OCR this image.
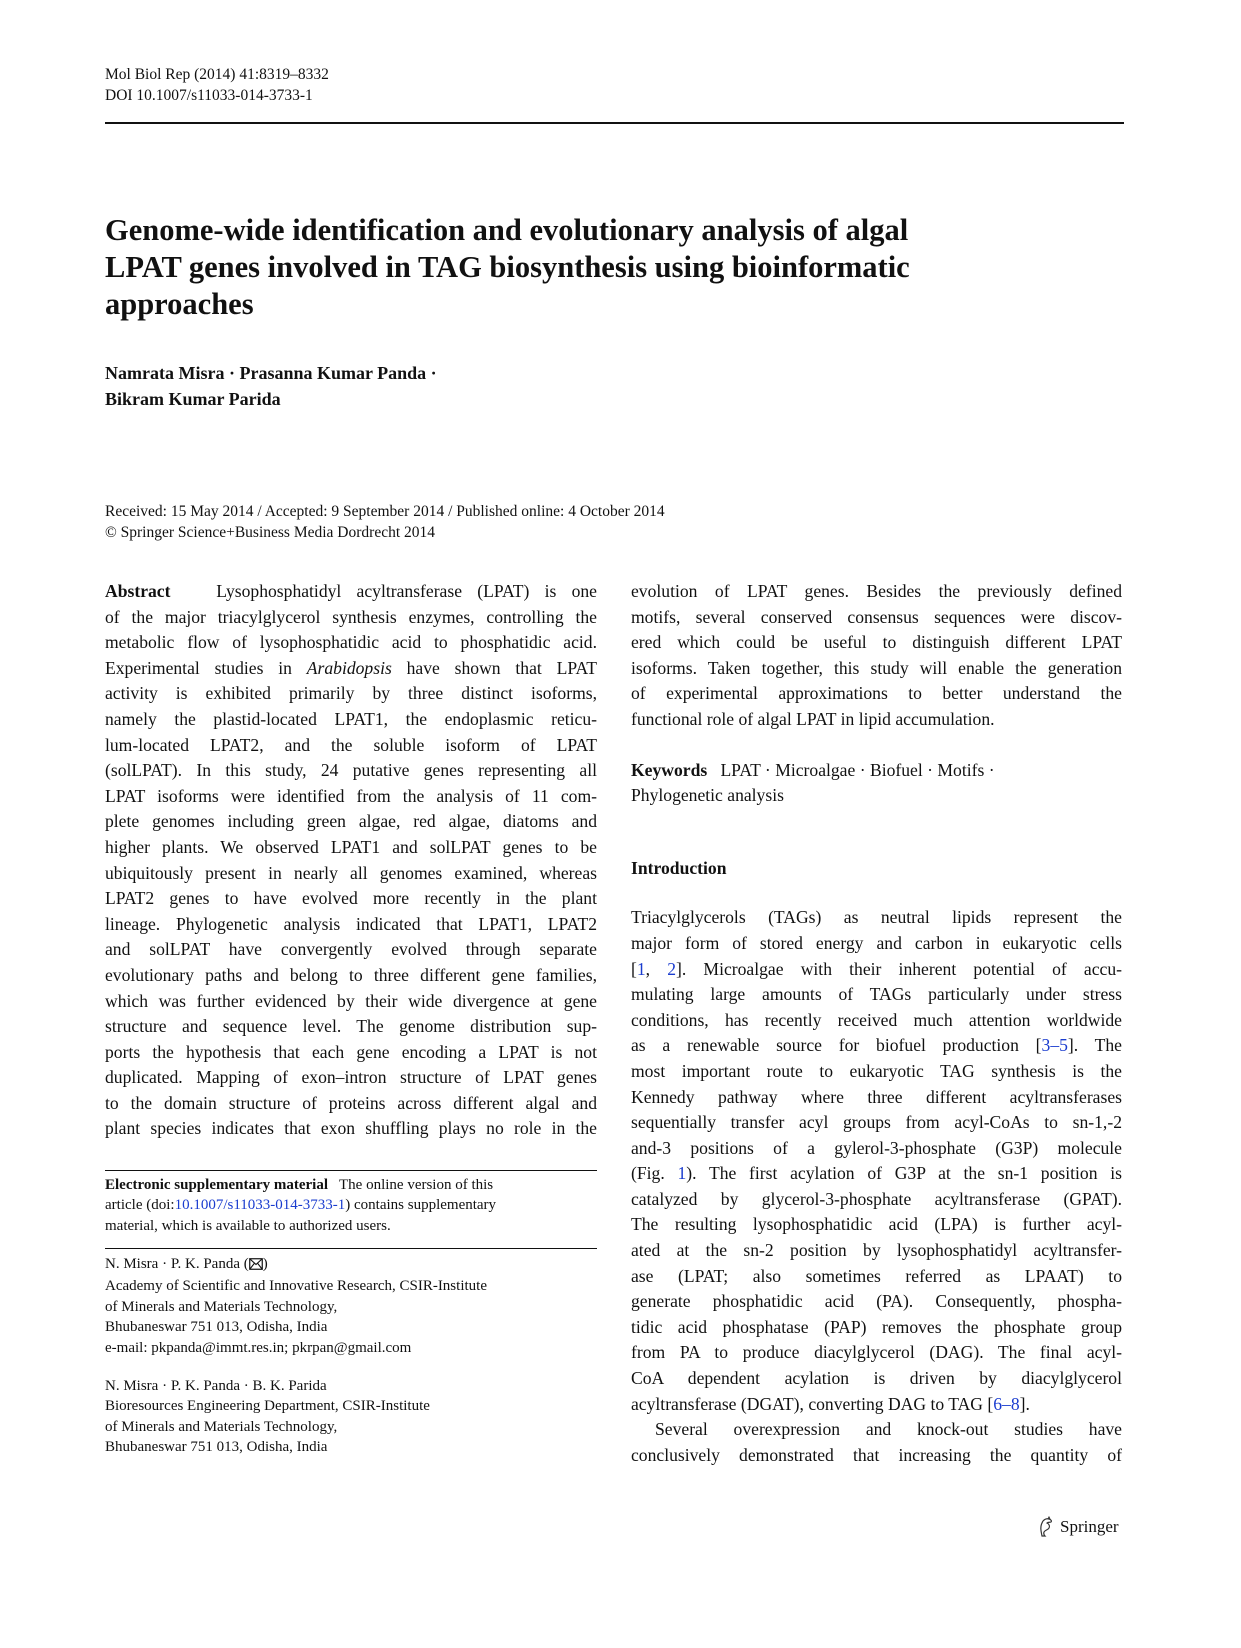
Mol Biol Rep (2014) 41:8319–8332
DOI 10.1007/s11033-014-3733-1
Genome-wide identification and evolutionary analysis of algal
LPAT genes involved in TAG biosynthesis using bioinformatic
approaches
Namrata Misra · Prasanna Kumar Panda ·
Bikram Kumar Parida
Received: 15 May 2014 / Accepted: 9 September 2014 / Published online: 4 October 2014
© Springer Science+Business Media Dordrecht 2014

Abstract	Lysophosphatidyl acyltransferase (LPAT) is one

of the major triacylglycerol synthesis enzymes, controlling the

metabolic flow of lysophosphatidic acid to phosphatidic acid.

Experimental studies in Arabidopsis have shown that LPAT

activity is exhibited primarily by three distinct isoforms,

namely the plastid-located LPAT1, the endoplasmic reticu-

lum-located LPAT2, and the soluble isoform of LPAT

(solLPAT). In this study, 24 putative genes representing all

LPAT isoforms were identified from the analysis of 11 com-

plete genomes including green algae, red algae, diatoms and

higher plants. We observed LPAT1 and solLPAT genes to be

ubiquitously present in nearly all genomes examined, whereas

LPAT2 genes to have evolved more recently in the plant

lineage. Phylogenetic analysis indicated that LPAT1, LPAT2

and solLPAT have convergently evolved through separate

evolutionary paths and belong to three different gene families,

which was further evidenced by their wide divergence at gene

structure and sequence level. The genome distribution sup-

ports the hypothesis that each gene encoding a LPAT is not

duplicated. Mapping of exon–intron structure of LPAT genes

to the domain structure of proteins across different algal and

plant species indicates that exon shuffling plays no role in the

Electronic supplementary material The online version of this
article (doi:10.1007/s11033-014-3733-1) contains supplementary
material, which is available to authorized users.
N. Misra · P. K. Panda ( )
Academy of Scientific and Innovative Research, CSIR-Institute
of Minerals and Materials Technology,
Bhubaneswar 751 013, Odisha, India
e-mail: pkpanda@immt.res.in; pkrpan@gmail.com
N. Misra · P. K. Panda · B. K. Parida
Bioresources Engineering Department, CSIR-Institute
of Minerals and Materials Technology,
Bhubaneswar 751 013, Odisha, India

evolution of LPAT genes. Besides the previously defined

motifs, several conserved consensus sequences were discov-

ered which could be useful to distinguish different LPAT

isoforms. Taken together, this study will enable the generation

of experimental approximations to better understand the

functional role of algal LPAT in lipid accumulation.

Keywords LPAT · Microalgae · Biofuel · Motifs ·

Phylogenetic analysis

Introduction

Triacylglycerols (TAGs) as neutral lipids represent the

major form of stored energy and carbon in eukaryotic cells

[1, 2]. Microalgae with their inherent potential of accu-

mulating large amounts of TAGs particularly under stress

conditions, has recently received much attention worldwide

as a renewable source for biofuel production [3–5]. The

most important route to eukaryotic TAG synthesis is the

Kennedy pathway where three different acyltransferases

sequentially transfer acyl groups from acyl-CoAs to sn-1,-2

and-3 positions of a gylerol-3-phosphate (G3P) molecule

(Fig. 1). The first acylation of G3P at the sn-1 position is

catalyzed by glycerol-3-phosphate acyltransferase (GPAT).

The resulting lysophosphatidic acid (LPA) is further acyl-

ated at the sn-2 position by lysophosphatidyl acyltransfer-

ase (LPAT; also sometimes referred as LPAAT) to

generate phosphatidic acid (PA). Consequently, phospha-

tidic acid phosphatase (PAP) removes the phosphate group

from PA to produce diacylglycerol (DAG). The final acyl-

CoA dependent acylation is driven by diacylglycerol

acyltransferase (DGAT), converting DAG to TAG [6–8].

Several overexpression and knock-out studies have

conclusively demonstrated that increasing the quantity of

Springer
